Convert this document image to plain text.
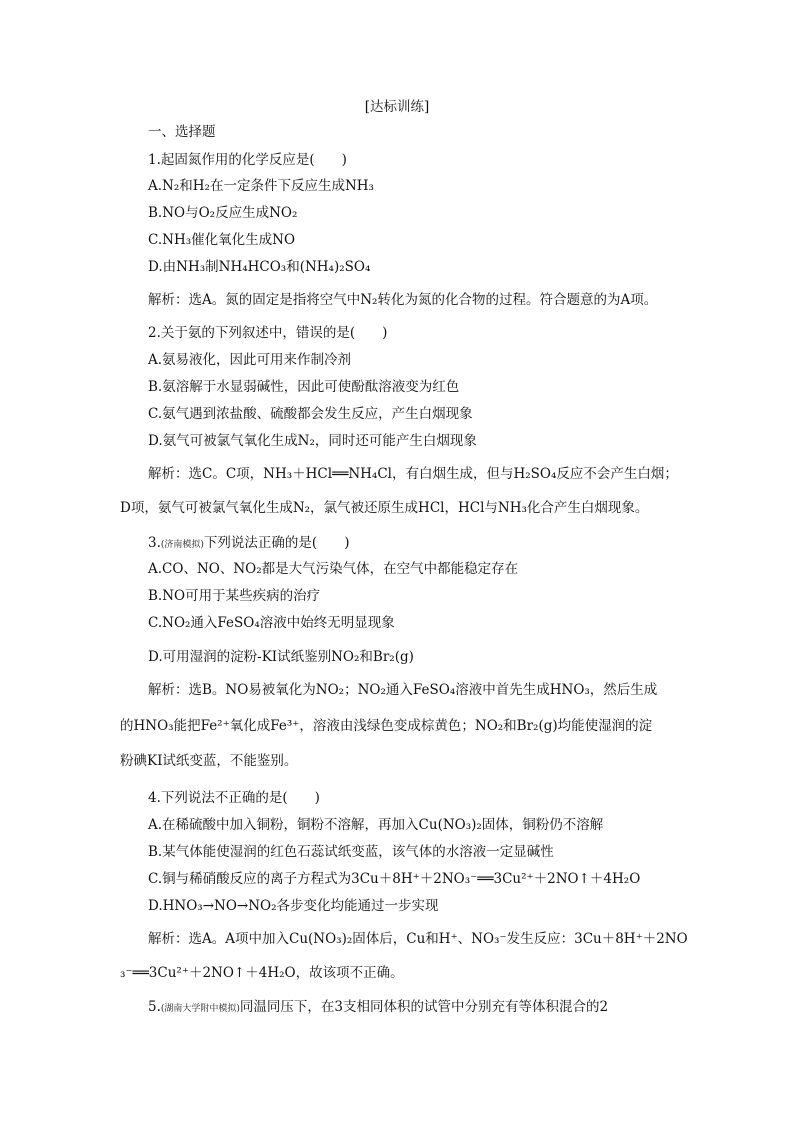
[达标训练]
一、选择题
1.起固氮作用的化学反应是(　　)
A.N₂和H₂在一定条件下反应生成NH₃
B.NO与O₂反应生成NO₂
C.NH₃催化氧化生成NO
D.由NH₃制NH₄HCO₃和(NH₄)₂SO₄
解析：选A。氮的固定是指将空气中N₂转化为氮的化合物的过程。符合题意的为A项。
2.关于氨的下列叙述中，错误的是(　　)
A.氨易液化，因此可用来作制冷剂
B.氨溶解于水显弱碱性，因此可使酚酞溶液变为红色
C.氨气遇到浓盐酸、硫酸都会发生反应，产生白烟现象
D.氨气可被氯气氧化生成N₂，同时还可能产生白烟现象
解析：选C。C项，NH₃＋HCl══NH₄Cl，有白烟生成，但与H₂SO₄反应不会产生白烟；
D项，氨气可被氯气氧化生成N₂，氯气被还原生成HCl，HCl与NH₃化合产生白烟现象。
3.(济南模拟)下列说法正确的是(　　)
A.CO、NO、NO₂都是大气污染气体，在空气中都能稳定存在
B.NO可用于某些疾病的治疗
C.NO₂通入FeSO₄溶液中始终无明显现象
D.可用湿润的淀粉-KI试纸鉴别NO₂和Br₂(g)
解析：选B。NO易被氧化为NO₂；NO₂通入FeSO₄溶液中首先生成HNO₃，然后生成
的HNO₃能把Fe²⁺氧化成Fe³⁺，溶液由浅绿色变成棕黄色；NO₂和Br₂(g)均能使湿润的淀
粉碘KI试纸变蓝，不能鉴别。
4.下列说法不正确的是(　　)
A.在稀硫酸中加入铜粉，铜粉不溶解，再加入Cu(NO₃)₂固体，铜粉仍不溶解
B.某气体能使湿润的红色石蕊试纸变蓝，该气体的水溶液一定显碱性
C.铜与稀硝酸反应的离子方程式为3Cu＋8H⁺＋2NO₃⁻══3Cu²⁺＋2NO↑＋4H₂O
D.HNO₃→NO→NO₂各步变化均能通过一步实现
解析：选A。A项中加入Cu(NO₃)₂固体后，Cu和H⁺、NO₃⁻发生反应：3Cu＋8H⁺＋2NO
₃⁻══3Cu²⁺＋2NO↑＋4H₂O，故该项不正确。
5.(湖南大学附中模拟)同温同压下，在3支相同体积的试管中分别充有等体积混合的2
